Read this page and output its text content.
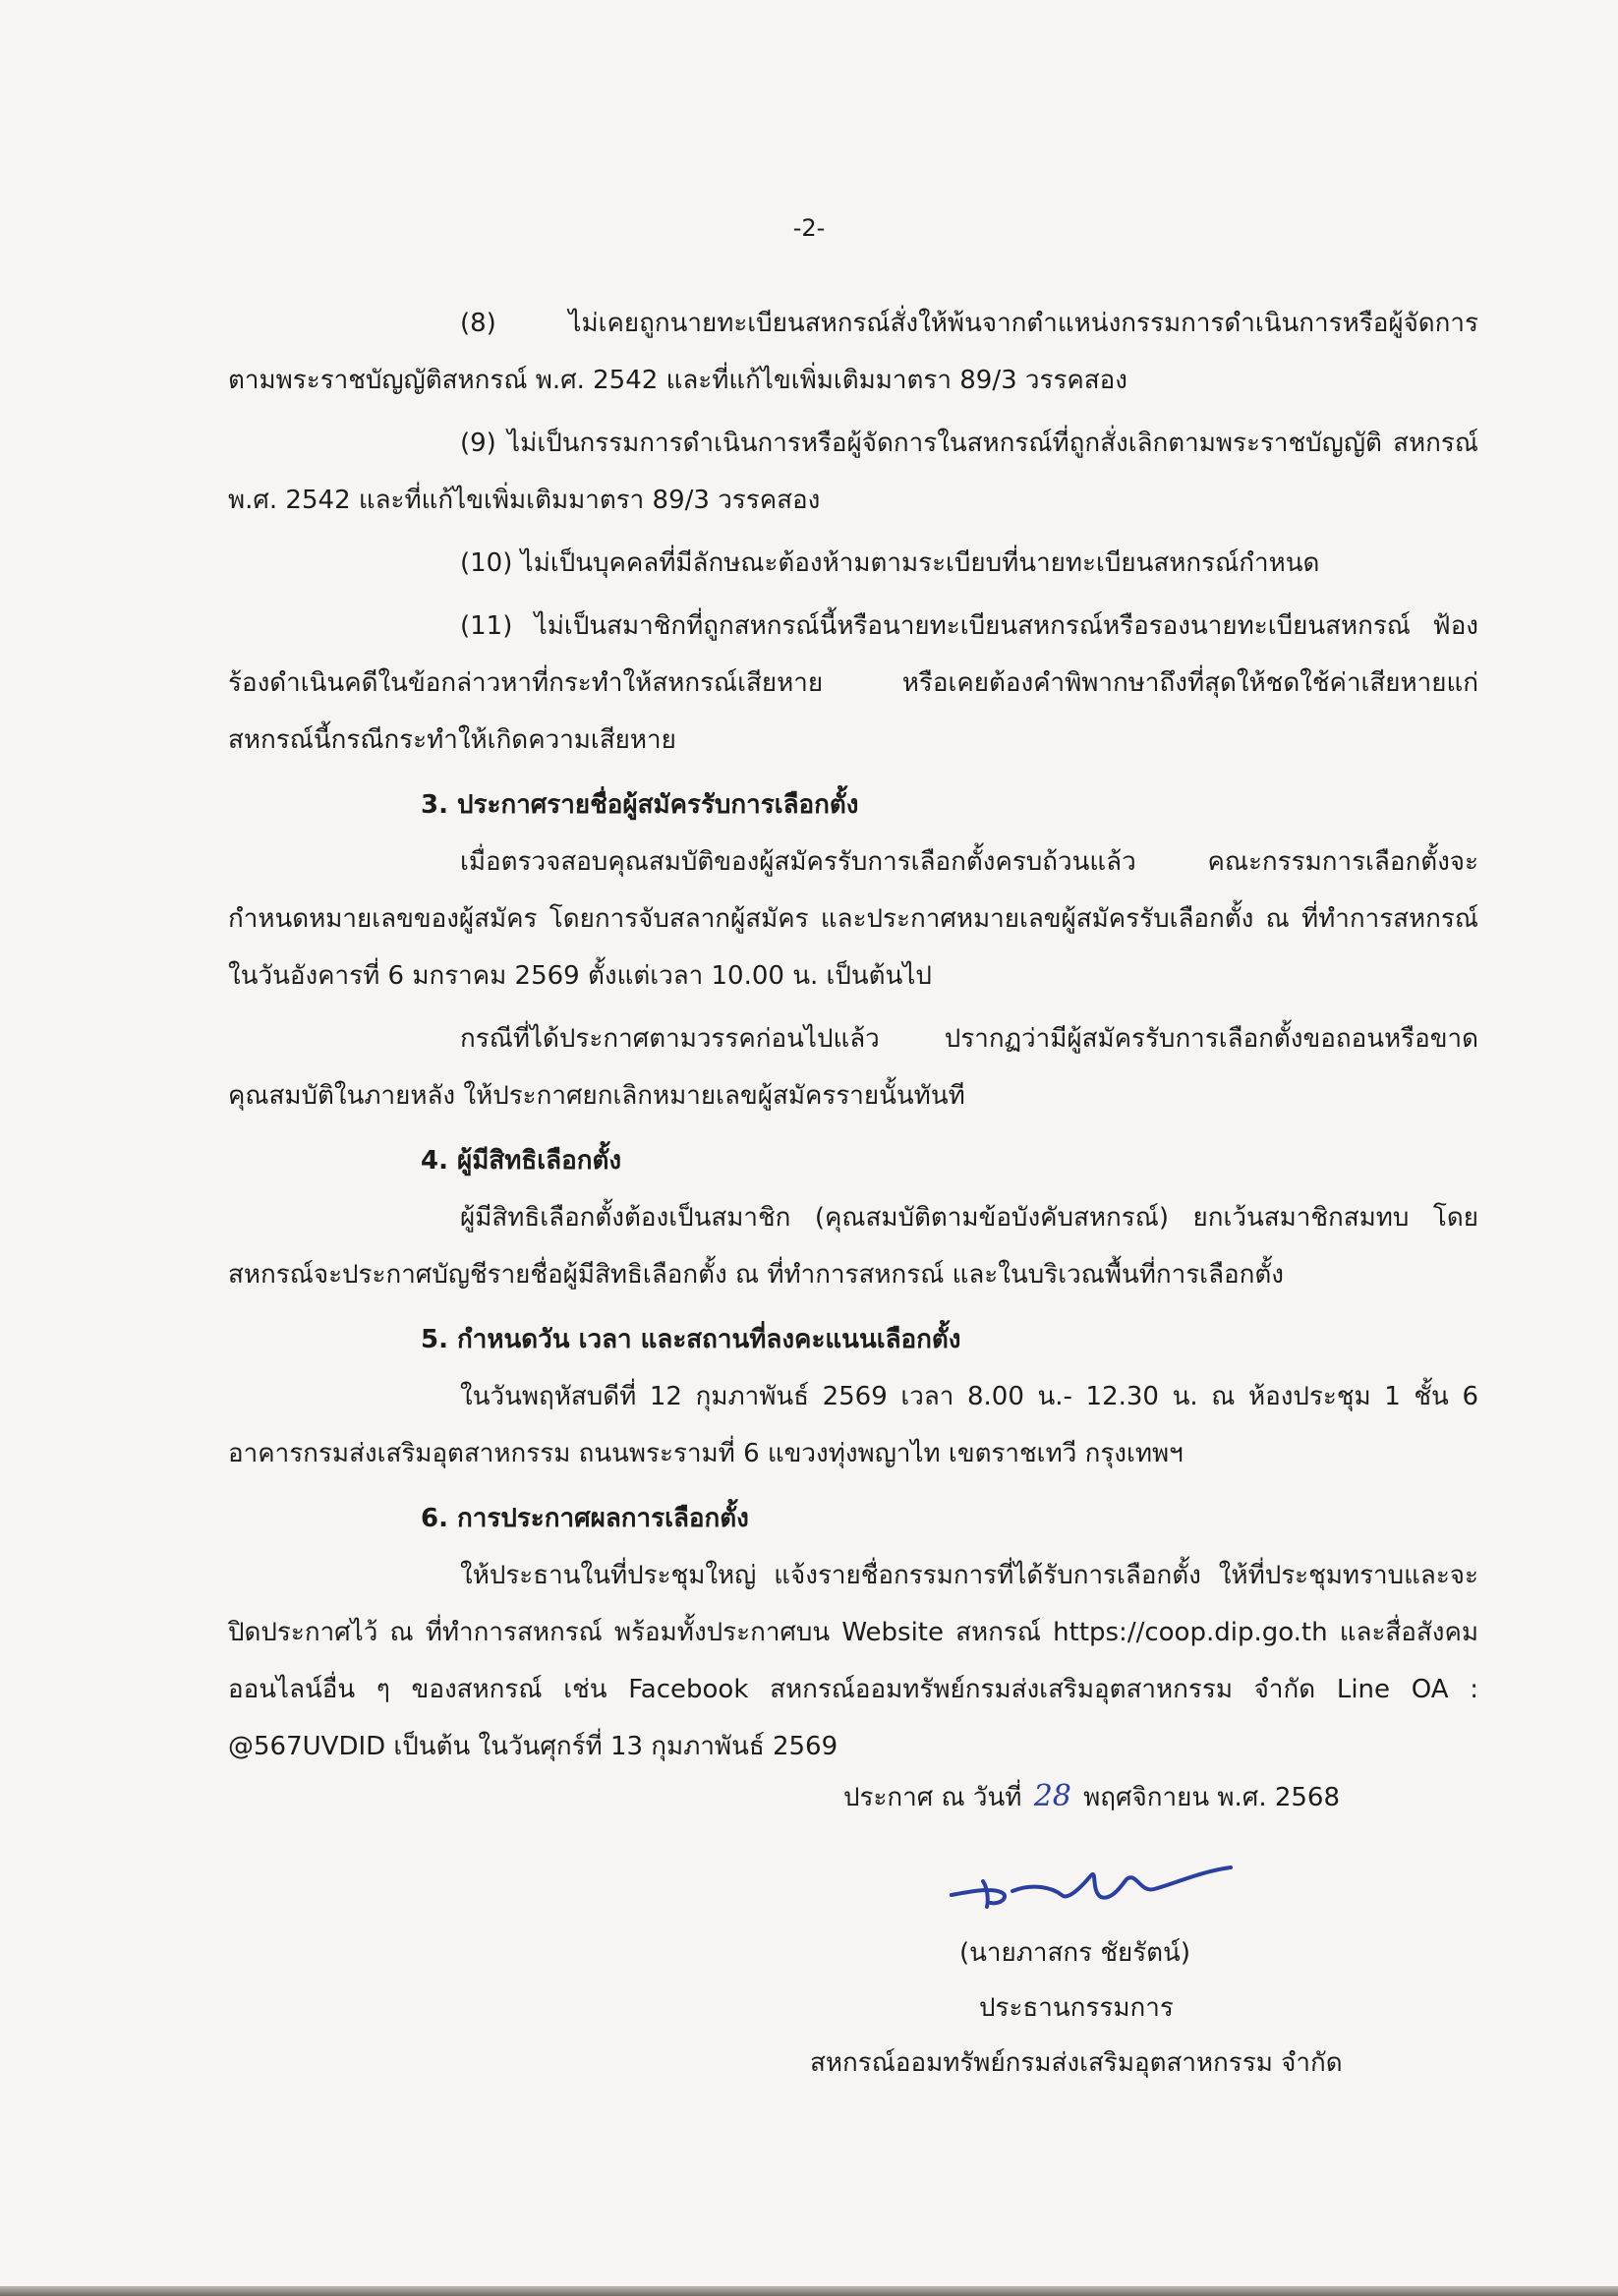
-2-

(8) ไม่เคยถูกนายทะเบียนสหกรณ์สั่งให้พ้นจากตำแหน่งกรรมการดำเนินการหรือผู้จัดการ ตามพระราชบัญญัติสหกรณ์ พ.ศ. 2542 และที่แก้ไขเพิ่มเติมมาตรา 89/3 วรรคสอง

(9) ไม่เป็นกรรมการดำเนินการหรือผู้จัดการในสหกรณ์ที่ถูกสั่งเลิกตามพระราชบัญญัติ สหกรณ์ พ.ศ. 2542 และที่แก้ไขเพิ่มเติมมาตรา 89/3 วรรคสอง

(10) ไม่เป็นบุคคลที่มีลักษณะต้องห้ามตามระเบียบที่นายทะเบียนสหกรณ์กำหนด

(11) ไม่เป็นสมาชิกที่ถูกสหกรณ์นี้หรือนายทะเบียนสหกรณ์หรือรองนายทะเบียนสหกรณ์ ฟ้องร้องดำเนินคดีในข้อกล่าวหาที่กระทำให้สหกรณ์เสียหาย หรือเคยต้องคำพิพากษาถึงที่สุดให้ชดใช้ค่าเสียหายแก่สหกรณ์นี้กรณีกระทำให้เกิดความเสียหาย

3. ประกาศรายชื่อผู้สมัครรับการเลือกตั้ง

เมื่อตรวจสอบคุณสมบัติของผู้สมัครรับการเลือกตั้งครบถ้วนแล้ว คณะกรรมการเลือกตั้งจะกำหนดหมายเลขของผู้สมัคร โดยการจับสลากผู้สมัคร และประกาศหมายเลขผู้สมัครรับเลือกตั้ง ณ ที่ทำการสหกรณ์ ในวันอังคารที่ 6 มกราคม 2569 ตั้งแต่เวลา 10.00 น. เป็นต้นไป

กรณีที่ได้ประกาศตามวรรคก่อนไปแล้ว ปรากฏว่ามีผู้สมัครรับการเลือกตั้งขอถอนหรือขาดคุณสมบัติในภายหลัง ให้ประกาศยกเลิกหมายเลขผู้สมัครรายนั้นทันที

4. ผู้มีสิทธิเลือกตั้ง

ผู้มีสิทธิเลือกตั้งต้องเป็นสมาชิก (คุณสมบัติตามข้อบังคับสหกรณ์) ยกเว้นสมาชิกสมทบ โดยสหกรณ์จะประกาศบัญชีรายชื่อผู้มีสิทธิเลือกตั้ง ณ ที่ทำการสหกรณ์ และในบริเวณพื้นที่การเลือกตั้ง

5. กำหนดวัน เวลา และสถานที่ลงคะแนนเลือกตั้ง

ในวันพฤหัสบดีที่ 12 กุมภาพันธ์ 2569 เวลา 8.00 น.- 12.30 น. ณ ห้องประชุม 1 ชั้น 6 อาคารกรมส่งเสริมอุตสาหกรรม ถนนพระรามที่ 6 แขวงทุ่งพญาไท เขตราชเทวี กรุงเทพฯ

6. การประกาศผลการเลือกตั้ง

ให้ประธานในที่ประชุมใหญ่ แจ้งรายชื่อกรรมการที่ได้รับการเลือกตั้ง ให้ที่ประชุมทราบและจะปิดประกาศไว้ ณ ที่ทำการสหกรณ์ พร้อมทั้งประกาศบน Website สหกรณ์ https://coop.dip.go.th และสื่อสังคมออนไลน์อื่น ๆ ของสหกรณ์ เช่น Facebook สหกรณ์ออมทรัพย์กรมส่งเสริมอุตสาหกรรม จำกัด Line OA : @567UVDID เป็นต้น ในวันศุกร์ที่ 13 กุมภาพันธ์ 2569

ประกาศ ณ วันที่ 28 พฤศจิกายน พ.ศ. 2568
(นายภาสกร ชัยรัตน์)
ประธานกรรมการ
สหกรณ์ออมทรัพย์กรมส่งเสริมอุตสาหกรรม จำกัด
